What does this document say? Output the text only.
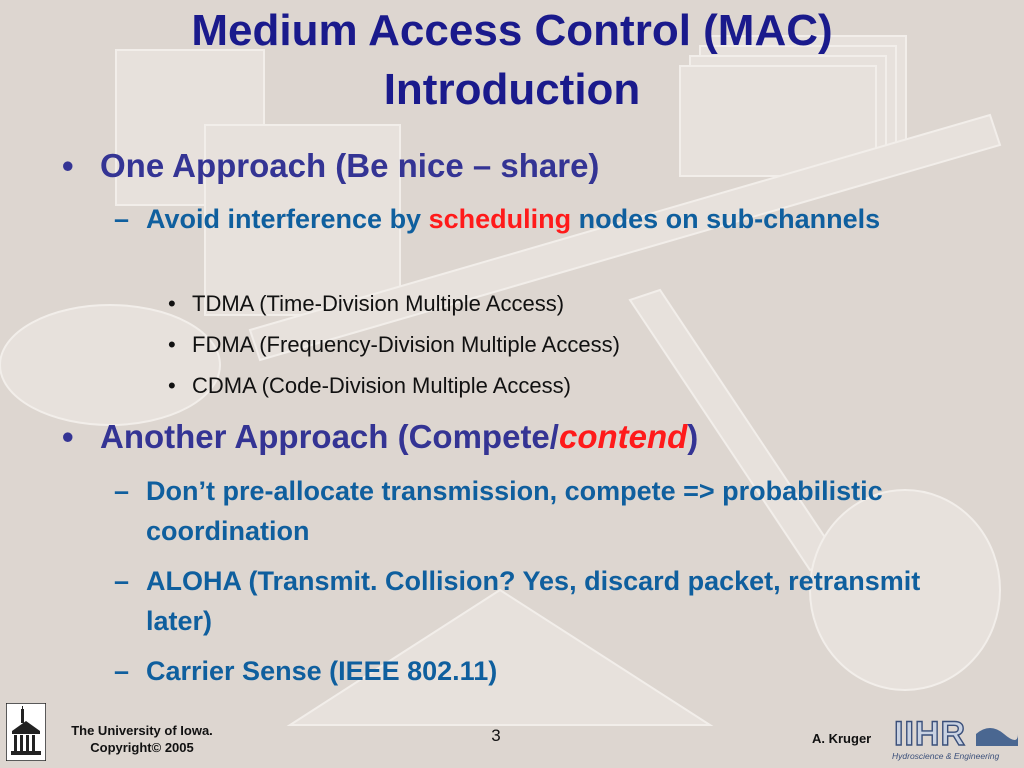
Medium Access Control (MAC)
Introduction
• One Approach (Be nice – share)
– Avoid interference by scheduling nodes on sub-channels
• TDMA (Time-Division Multiple Access)
• FDMA (Frequency-Division Multiple Access)
• CDMA (Code-Division Multiple Access)
• Another Approach (Compete/contend)
– Don’t pre-allocate transmission, compete => probabilistic coordination
– ALOHA (Transmit. Collision? Yes, discard packet, retransmit later)
– Carrier Sense (IEEE 802.11)
The University of Iowa.
Copyright© 2005
3	A. Kruger IIHR
Hydroscience & Engineering
